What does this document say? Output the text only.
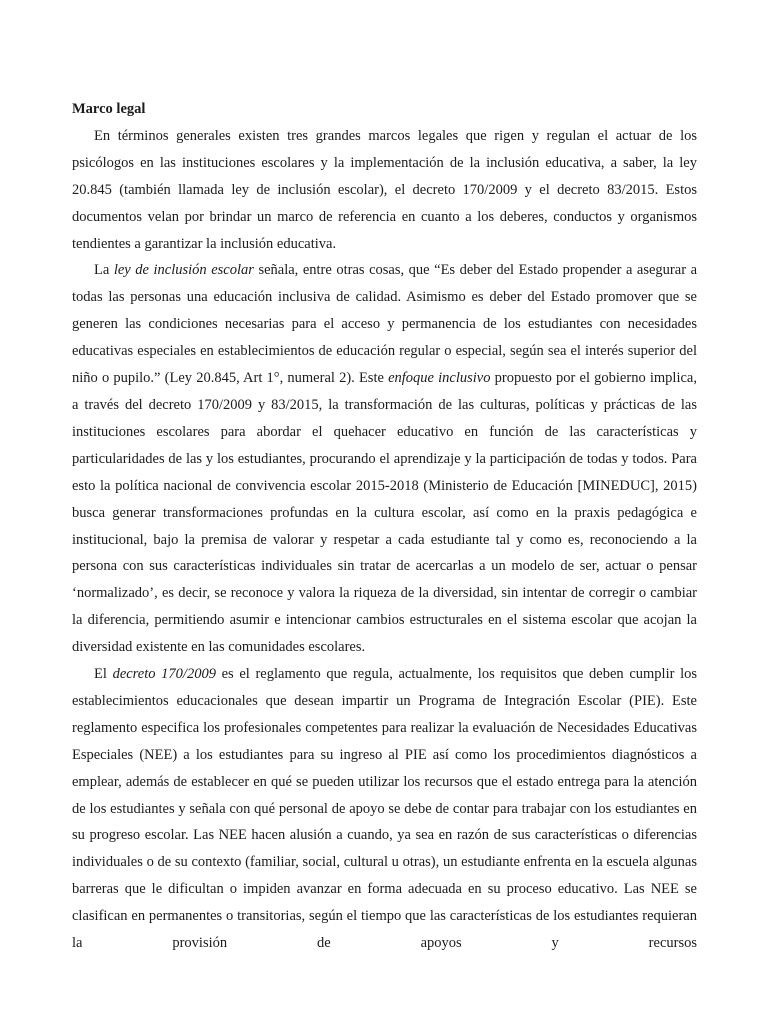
Marco legal

En términos generales existen tres grandes marcos legales que rigen y regulan el actuar de los psicólogos en las instituciones escolares y la implementación de la inclusión educativa, a saber, la ley 20.845 (también llamada ley de inclusión escolar), el decreto 170/2009 y el decreto 83/2015. Estos documentos velan por brindar un marco de referencia en cuanto a los deberes, conductos y organismos tendientes a garantizar la inclusión educativa.

La ley de inclusión escolar señala, entre otras cosas, que “Es deber del Estado propender a asegurar a todas las personas una educación inclusiva de calidad. Asimismo es deber del Estado promover que se generen las condiciones necesarias para el acceso y permanencia de los estudiantes con necesidades educativas especiales en establecimientos de educación regular o especial, según sea el interés superior del niño o pupilo.” (Ley 20.845, Art 1°, numeral 2). Este enfoque inclusivo propuesto por el gobierno implica, a través del decreto 170/2009 y 83/2015, la transformación de las culturas, políticas y prácticas de las instituciones escolares para abordar el quehacer educativo en función de las características y particularidades de las y los estudiantes, procurando el aprendizaje y la participación de todas y todos. Para esto la política nacional de convivencia escolar 2015-2018 (Ministerio de Educación [MINEDUC], 2015) busca generar transformaciones profundas en la cultura escolar, así como en la praxis pedagógica e institucional, bajo la premisa de valorar y respetar a cada estudiante tal y como es, reconociendo a la persona con sus características individuales sin tratar de acercarlas a un modelo de ser, actuar o pensar ‘normalizado’, es decir, se reconoce y valora la riqueza de la diversidad, sin intentar de corregir o cambiar la diferencia, permitiendo asumir e intencionar cambios estructurales en el sistema escolar que acojan la diversidad existente en las comunidades escolares.

El decreto 170/2009 es el reglamento que regula, actualmente, los requisitos que deben cumplir los establecimientos educacionales que desean impartir un Programa de Integración Escolar (PIE). Este reglamento especifica los profesionales competentes para realizar la evaluación de Necesidades Educativas Especiales (NEE) a los estudiantes para su ingreso al PIE así como los procedimientos diagnósticos a emplear, además de establecer en qué se pueden utilizar los recursos que el estado entrega para la atención de los estudiantes y señala con qué personal de apoyo se debe de contar para trabajar con los estudiantes en su progreso escolar. Las NEE hacen alusión a cuando, ya sea en razón de sus características o diferencias individuales o de su contexto (familiar, social, cultural u otras), un estudiante enfrenta en la escuela algunas barreras que le dificultan o impiden avanzar en forma adecuada en su proceso educativo. Las NEE se clasifican en permanentes o transitorias, según el tiempo que las características de los estudiantes requieran la provisión de apoyos y recursos
